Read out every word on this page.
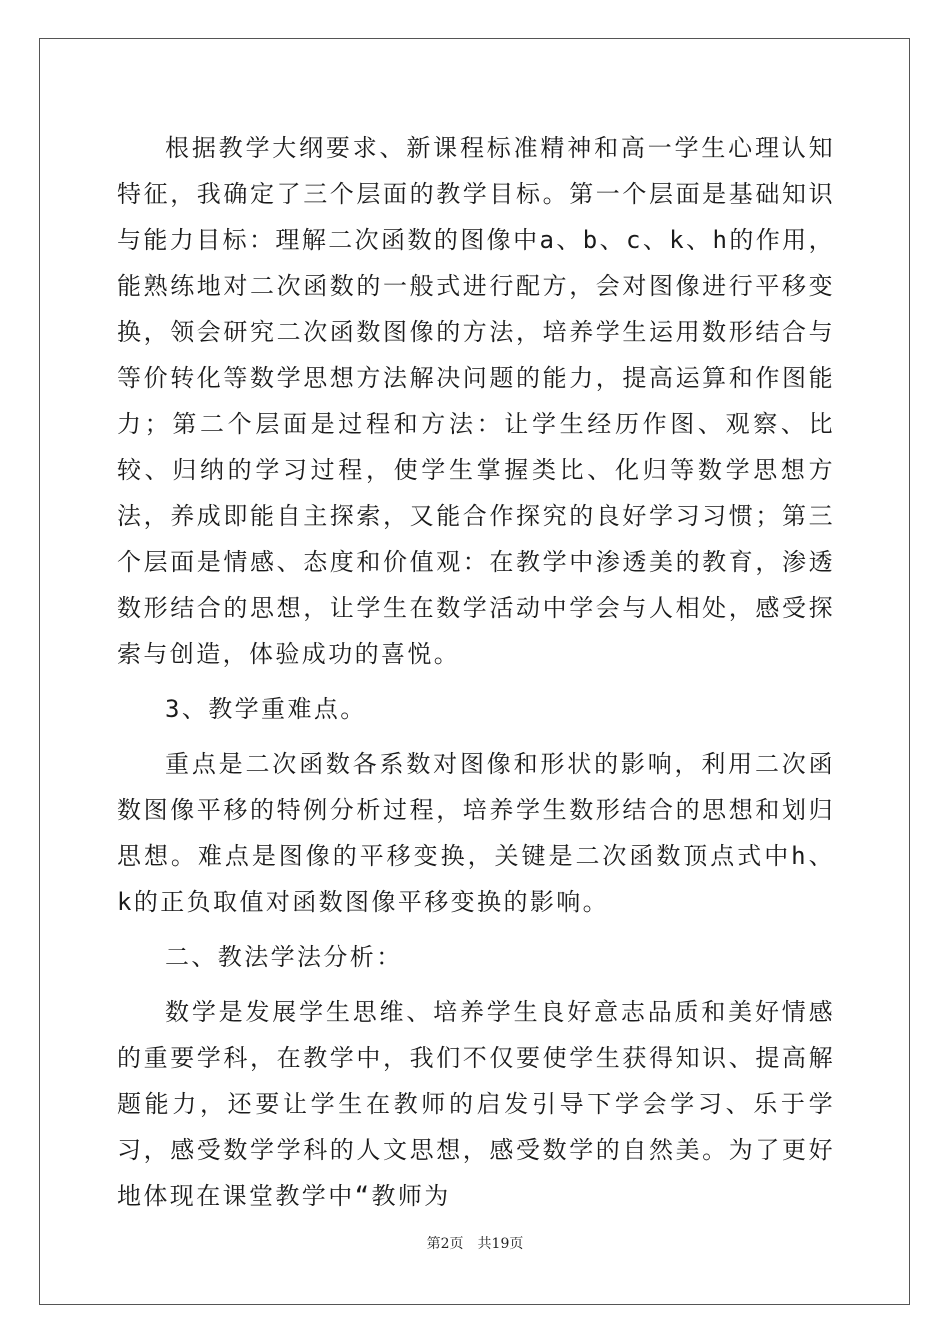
根据教学大纲要求、新课程标准精神和高一学生心理认知特征，我确定了三个层面的教学目标。第一个层面是基础知识与能力目标：理解二次函数的图像中a、b、c、k、h的作用，能熟练地对二次函数的一般式进行配方，会对图像进行平移变换，领会研究二次函数图像的方法，培养学生运用数形结合与等价转化等数学思想方法解决问题的能力，提高运算和作图能力；第二个层面是过程和方法：让学生经历作图、观察、比较、归纳的学习过程，使学生掌握类比、化归等数学思想方法，养成即能自主探索，又能合作探究的良好学习习惯；第三个层面是情感、态度和价值观：在教学中渗透美的教育，渗透数形结合的思想，让学生在数学活动中学会与人相处，感受探索与创造，体验成功的喜悦。

3、教学重难点。

重点是二次函数各系数对图像和形状的影响，利用二次函数图像平移的特例分析过程，培养学生数形结合的思想和划归思想。难点是图像的平移变换，关键是二次函数顶点式中h、k的正负取值对函数图像平移变换的影响。

二、教法学法分析：

数学是发展学生思维、培养学生良好意志品质和美好情感的重要学科，在教学中，我们不仅要使学生获得知识、提高解题能力，还要让学生在教师的启发引导下学会学习、乐于学习，感受数学学科的人文思想，感受数学的自然美。为了更好地体现在课堂教学中“教师为

第2页 共19页
